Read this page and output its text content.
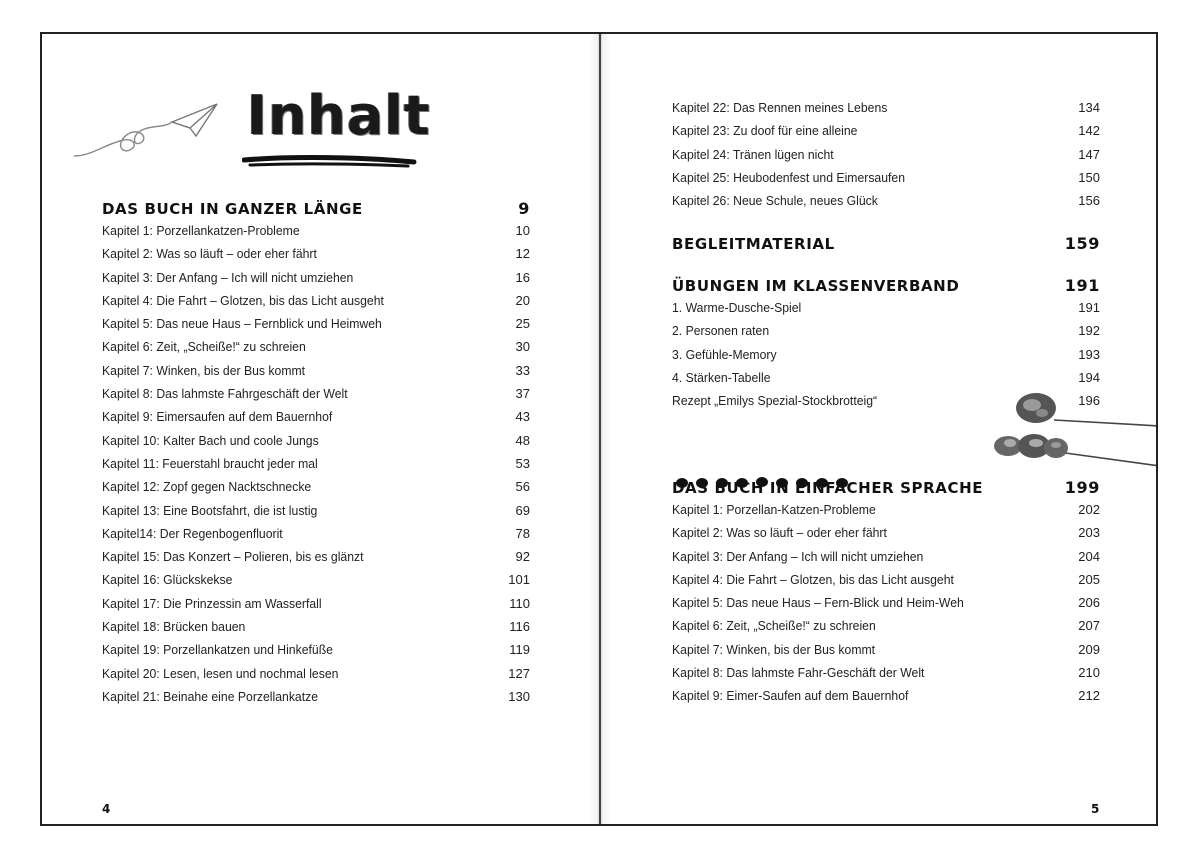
Inhalt
DAS BUCH IN GANZER LÄNGE	9
Kapitel 1: Porzellankatzen-Probleme	10
Kapitel 2: Was so läuft – oder eher fährt	12
Kapitel 3: Der Anfang – Ich will nicht umziehen	16
Kapitel 4: Die Fahrt – Glotzen, bis das Licht ausgeht	20
Kapitel 5: Das neue Haus – Fernblick und Heimweh	25
Kapitel 6: Zeit, „Scheiße!“ zu schreien	30
Kapitel 7: Winken, bis der Bus kommt	33
Kapitel 8: Das lahmste Fahrgeschäft der Welt	37
Kapitel 9: Eimersaufen auf dem Bauernhof	43
Kapitel 10: Kalter Bach und coole Jungs	48
Kapitel 11: Feuerstahl braucht jeder mal	53
Kapitel 12: Zopf gegen Nacktschnecke	56
Kapitel 13: Eine Bootsfahrt, die ist lustig	69
Kapitel14: Der Regenbogenfluorit	78
Kapitel 15: Das Konzert – Polieren, bis es glänzt	92
Kapitel 16: Glückskekse	101
Kapitel 17: Die Prinzessin am Wasserfall	110
Kapitel 18: Brücken bauen	116
Kapitel 19: Porzellankatzen und Hinkefüße	119
Kapitel 20: Lesen, lesen und nochmal lesen	127
Kapitel 21: Beinahe eine Porzellankatze	130
4
Kapitel 22: Das Rennen meines Lebens	134
Kapitel 23: Zu doof für eine alleine	142
Kapitel 24: Tränen lügen nicht	147
Kapitel 25: Heubodenfest und Eimersaufen	150
Kapitel 26: Neue Schule, neues Glück	156
BEGLEITMATERIAL	159
ÜBUNGEN IM KLASSENVERBAND	191
1. Warme-Dusche-Spiel	191
2. Personen raten	192
3. Gefühle-Memory	193
4. Stärken-Tabelle	194
Rezept „Emilys Spezial-Stockbrotteig“	196
DAS BUCH IN EINFACHER SPRACHE	199
Kapitel 1: Porzellan-Katzen-Probleme	202
Kapitel 2: Was so läuft – oder eher fährt	203
Kapitel 3: Der Anfang – Ich will nicht umziehen	204
Kapitel 4: Die Fahrt – Glotzen, bis das Licht ausgeht	205
Kapitel 5: Das neue Haus – Fern-Blick und Heim-Weh	206
Kapitel 6: Zeit, „Scheiße!“ zu schreien	207
Kapitel 7: Winken, bis der Bus kommt	209
Kapitel 8: Das lahmste Fahr-Geschäft der Welt	210
Kapitel 9: Eimer-Saufen auf dem Bauernhof	212
5
